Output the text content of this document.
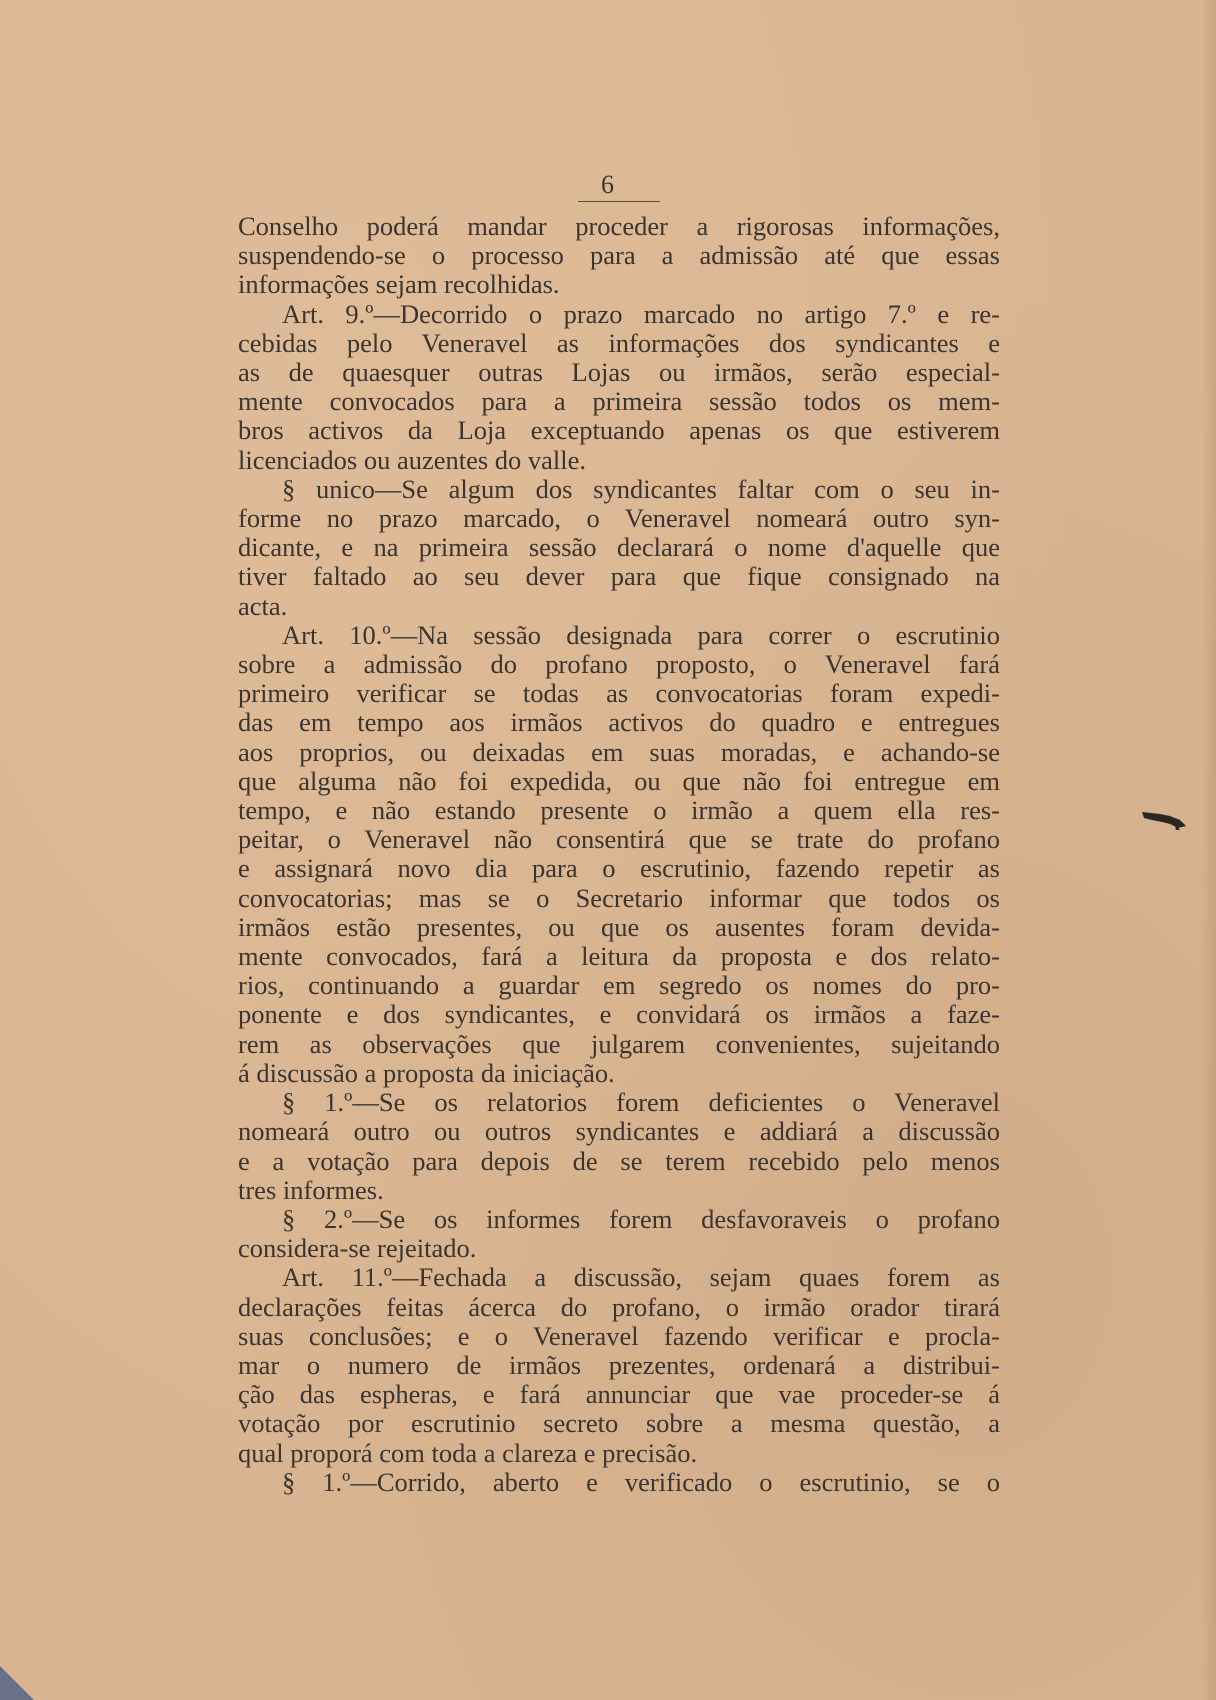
6
Conselho poderá mandar proceder a rigorosas informações,
suspendendo-se o processo para a admissão até que essas
informações sejam recolhidas.
Art. 9.º—Decorrido o prazo marcado no artigo 7.º e re-
cebidas pelo Veneravel as informações dos syndicantes e
as de quaesquer outras Lojas ou irmãos, serão especial-
mente convocados para a primeira sessão todos os mem-
bros activos da Loja exceptuando apenas os que estiverem
licenciados ou auzentes do valle.
§ unico—Se algum dos syndicantes faltar com o seu in-
forme no prazo marcado, o Veneravel nomeará outro syn-
dicante, e na primeira sessão declarará o nome d'aquelle que
tiver faltado ao seu dever para que fique consignado na
acta.
Art. 10.º—Na sessão designada para correr o escrutinio
sobre a admissão do profano proposto, o Veneravel fará
primeiro verificar se todas as convocatorias foram expedi-
das em tempo aos irmãos activos do quadro e entregues
aos proprios, ou deixadas em suas moradas, e achando-se
que alguma não foi expedida, ou que não foi entregue em
tempo, e não estando presente o irmão a quem ella res-
peitar, o Veneravel não consentirá que se trate do profano
e assignará novo dia para o escrutinio, fazendo repetir as
convocatorias; mas se o Secretario informar que todos os
irmãos estão presentes, ou que os ausentes foram devida-
mente convocados, fará a leitura da proposta e dos relato-
rios, continuando a guardar em segredo os nomes do pro-
ponente e dos syndicantes, e convidará os irmãos a faze-
rem as observações que julgarem convenientes, sujeitando
á discussão a proposta da iniciação.
§ 1.º—Se os relatorios forem deficientes o Veneravel
nomeará outro ou outros syndicantes e addiará a discussão
e a votação para depois de se terem recebido pelo menos
tres informes.
§ 2.º—Se os informes forem desfavoraveis o profano
considera-se rejeitado.
Art. 11.º—Fechada a discussão, sejam quaes forem as
declarações feitas ácerca do profano, o irmão orador tirará
suas conclusões; e o Veneravel fazendo verificar e procla-
mar o numero de irmãos prezentes, ordenará a distribui-
ção das espheras, e fará annunciar que vae proceder-se á
votação por escrutinio secreto sobre a mesma questão, a
qual proporá com toda a clareza e precisão.
§ 1.º—Corrido, aberto e verificado o escrutinio, se o
